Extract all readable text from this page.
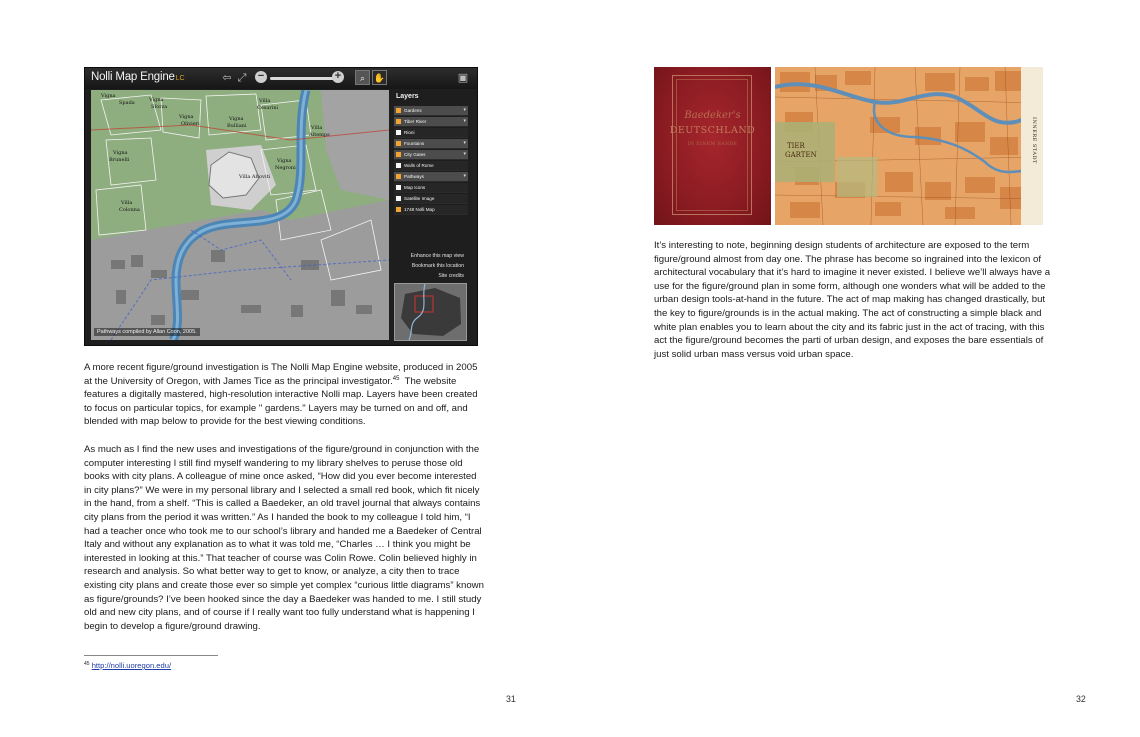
Nolli Map EngineLC	⇦ ⤢ −	+	⌕ ✋	▣
Vigna
Spada	Vigna
Sforza
Vigna
Olivieri
Vigna
Bulliani
Villa
Cesarini
Vigna
Brunelli
Villa
Colonna
Vigna
Negroni
Villa
Altemps
Villa Altoviti
Pathways compiled by Allan Coon, 2005.
Layers
Gardens	▾
Tiber River	▾
Rioni
Fountains	▾
City Gates	▾
Walls of Rome
Pathways	▾
Map Icons
Satellite Image
1748 Nolli Map
Enhance this map view
Bookmark this location
Site credits
A more recent figure/ground investigation is The Nolli Map Engine website, produced in 2005
at the University of Oregon, with James Tice as the principal investigator.$^{45}$  The website
features a digitally mastered, high-resolution interactive Nolli map. Layers have been created
to focus on particular topics, for example " gardens." Layers may be turned on and off, and
blended with map below to provide for the best viewing conditions.
As much as I find the new uses and investigations of the figure/ground in conjunction with the
computer interesting I still find myself wandering to my library shelves to peruse those old
books with city plans. A colleague of mine once asked, “How did you ever become interested
in city plans?” We were in my personal library and I selected a small red book, which fit nicely
in the hand, from a shelf. “This is called a Baedeker, an old travel journal that always contains
city plans from the period it was written.” As I handed the book to my colleague I told him, “I
had a teacher once who took me to our school’s library and handed me a Baedeker of Central
Italy and without any explanation as to what it was told me, “Charles … I think you might be
interested in looking at this.” That teacher of course was Colin Rowe. Colin believed highly in
research and analysis. So what better way to get to know, or analyze, a city then to trace
existing city plans and create those ever so simple yet complex “curious little diagrams” known
as figure/grounds? I’ve been hooked since the day a Baedeker was handed to me. I still study
old and new city plans, and of course if I really want too fully understand what is happening I
begin to develop a figure/ground drawing.
$^{45}$ http://nolli.uoregon.edu/
31
Baedeker's
DEUTSCHLAND
IN EINEM BANDE	TIER
GARTEN	INNERE STADT
It’s interesting to note, beginning design students of architecture are exposed to the term
figure/ground almost from day one. The phrase has become so ingrained into the lexicon of
architectural vocabulary that it’s hard to imagine it never existed. I believe we’ll always have a
use for the figure/ground plan in some form, although one wonders what will be added to the
urban design tools-at-hand in the future. The act of map making has changed drastically, but
the key to figure/grounds is in the actual making. The act of constructing a simple black and
white plan enables you to learn about the city and its fabric just in the act of tracing, with this
act the figure/ground becomes the parti of urban design, and exposes the bare essentials of
just solid urban mass versus void urban space.
32
